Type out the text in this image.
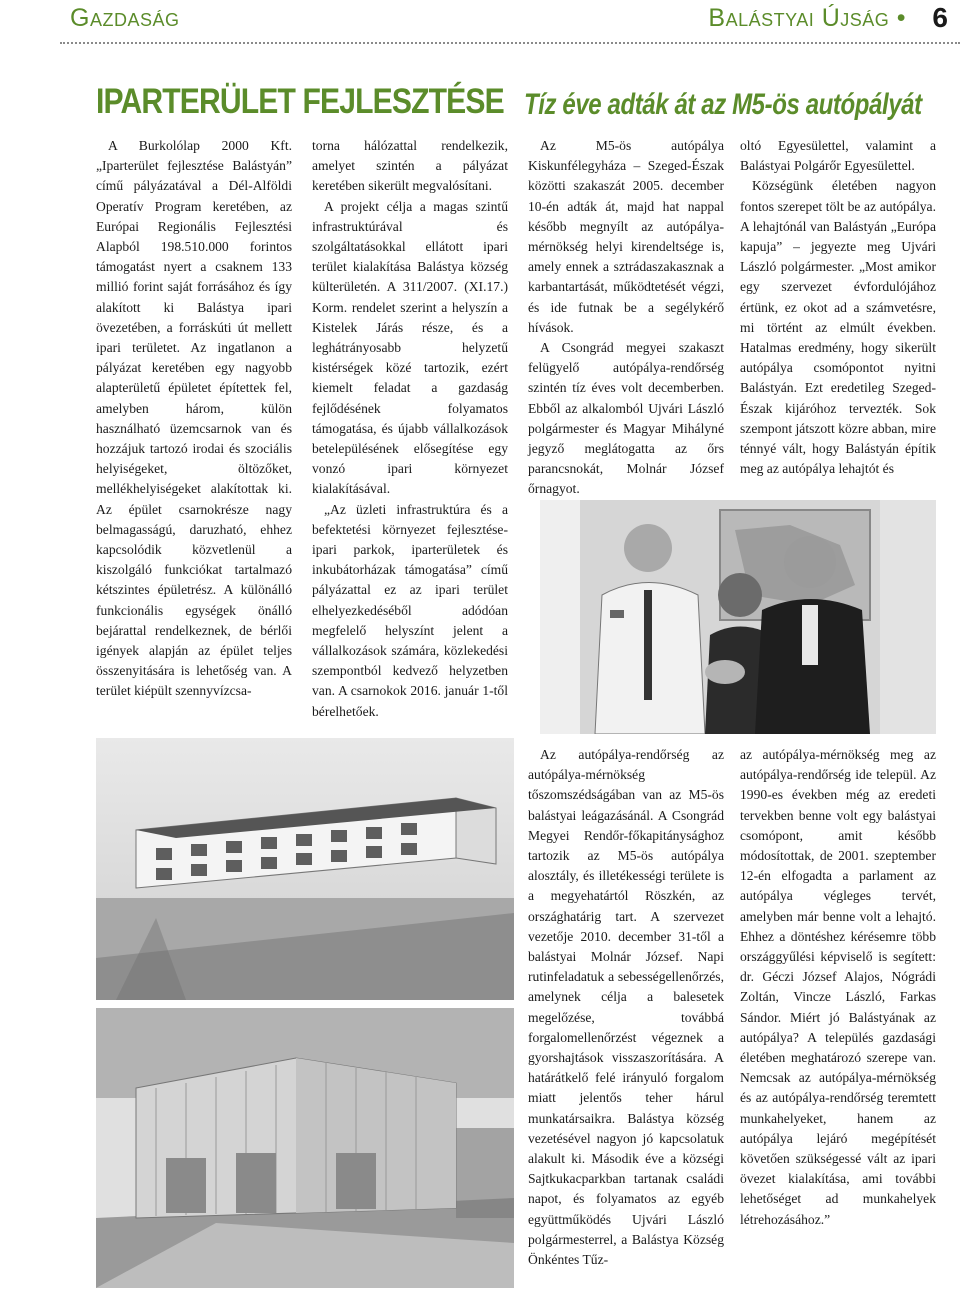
Gazdaság	Balástyai Újság • 6
IPARTERÜLET FEJLESZTÉSE Tíz éve adták át az M5-ös autópályát

A Burkolólap 2000 Kft. „Iparterület fejlesztése Balástyán” című pályázatával a Dél-Alföldi Operatív Program keretében, az Európai Regionális Fejlesztési Alapból 198.510.000 forintos támogatást nyert a csaknem 133 millió forint saját forrásához és így alakított ki Balástya ipari övezetében, a forráskúti út mellett ipari területet. Az ingatlanon a pályázat keretében egy nagyobb alapterületű épületet építettek fel, amelyben három, külön használható üzemcsarnok van és hozzájuk tartozó irodai és szociális helyiségeket, öltözőket, mellékhelyiségeket alakítottak ki. Az épület csarnokrésze nagy belmagasságú, daruzható, ehhez kapcsolódik közvetlenül a kiszolgáló funkciókat tartalmazó kétszintes épületrész. A különálló funkcionális egységek önálló bejárattal rendelkeznek, de bérlői igények alapján az épület teljes összenyitására is lehetőség van. A terület kiépült szennyvízcsa-

torna hálózattal rendelkezik, amelyet szintén a pályázat keretében sikerült megvalósítani.

A projekt célja a magas szintű infrastruktúrával és szolgáltatásokkal ellátott ipari terület kialakítása Balástya község külterületén. A 311/2007. (XI.17.) Korm. rendelet szerint a helyszín a Kistelek Járás része, és a leghátrányosabb helyzetű kistérségek közé tartozik, ezért kiemelt feladat a gazdaság fejlődésének folyamatos támogatása, és újabb vállalkozások betelepülésének elősegítése egy vonzó ipari környezet kialakításával.

„Az üzleti infrastruktúra és a befektetési környezet fejlesztése- ipari parkok, iparterületek és inkubátorházak támogatása” című pályázattal ez az ipari terület elhelyezkedéséből adódóan megfelelő helyszínt jelent a vállalkozások számára, közlekedési szempontból kedvező helyzetben van. A csarnokok 2016. január 1-től bérelhetőek.

Az M5-ös autópálya Kiskunfélegyháza – Szeged-Észak közötti szakaszát 2005. december 10-én adták át, majd hat nappal később megnyílt az autópálya-mérnökség helyi kirendeltsége is, amely ennek a sztrádaszakasznak a karbantartását, működtetését végzi, és ide futnak be a segélykérő hívások.

A Csongrád megyei szakaszt felügyelő autópálya-rendőrség szintén tíz éves volt decemberben. Ebből az alkalomból Ujvári László polgármester és Magyar Mihályné jegyző meglátogatta az őrs parancsnokát, Molnár József őrnagyot.

oltó Egyesülettel, valamint a Balástyai Polgárőr Egyesülettel.

Községünk életében nagyon fontos szerepet tölt be az autópálya. A lehajtónál van Balástyán „Európa kapuja” – jegyezte meg Ujvári László polgármester. „Most amikor egy szervezet évfordulójához értünk, ez okot ad a számvetésre, mi történt az elmúlt években. Hatalmas eredmény, hogy sikerült autópálya csomópontot nyitni Balástyán. Ezt eredetileg Szeged-Észak kijáróhoz tervezték. Sok szempont játszott közre abban, mire ténnyé vált, hogy Balástyán építik meg az autópálya lehajtót és

Az autópálya-rendőrség az autópálya-mérnökség tőszomszédságában van az M5-ös balástyai leágazásánál. A Csongrád Megyei Rendőr-főkapitánysághoz tartozik az M5-ös autópálya alosztály, és illetékességi területe is a megyehatártól Röszkén, az országhatárig tart. A szervezet vezetője 2010. december 31-től a balástyai Molnár József. Napi rutinfeladatuk a sebességellenőrzés, amelynek célja a balesetek megelőzése, továbbá forgalomellenőrzést végeznek a gyorshajtások visszaszorítására. A határátkelő felé irányuló forgalom miatt jelentős teher hárul munkatársaikra. Balástya község vezetésével nagyon jó kapcsolatuk alakult ki. Második éve a községi Sajtkukacparkban tartanak családi napot, és folyamatos az egyéb együttműködés Ujvári László polgármesterrel, a Balástya Község Önkéntes Tűz-

az autópálya-mérnökség meg az autópálya-rendőrség ide települ. Az 1990-es években még az eredeti tervekben benne volt egy balástyai csomópont, amit később módosítottak, de 2001. szeptember 12-én elfogadta a parlament az autópálya végleges tervét, amelyben már benne volt a lehajtó. Ehhez a döntéshez kérésemre több országgyűlési képviselő is segített: dr. Géczi József Alajos, Nógrádi Zoltán, Vincze László, Farkas Sándor. Miért jó Balástyának az autópálya? A település gazdasági életében meghatározó szerepe van. Nemcsak az autópálya-mérnökség és az autópálya-rendőrség teremtett munkahelyeket, hanem az autópálya lejáró megépítését követően szükségessé vált az ipari övezet kialakítása, ami további lehetőséget ad munkahelyek létrehozásához.”
